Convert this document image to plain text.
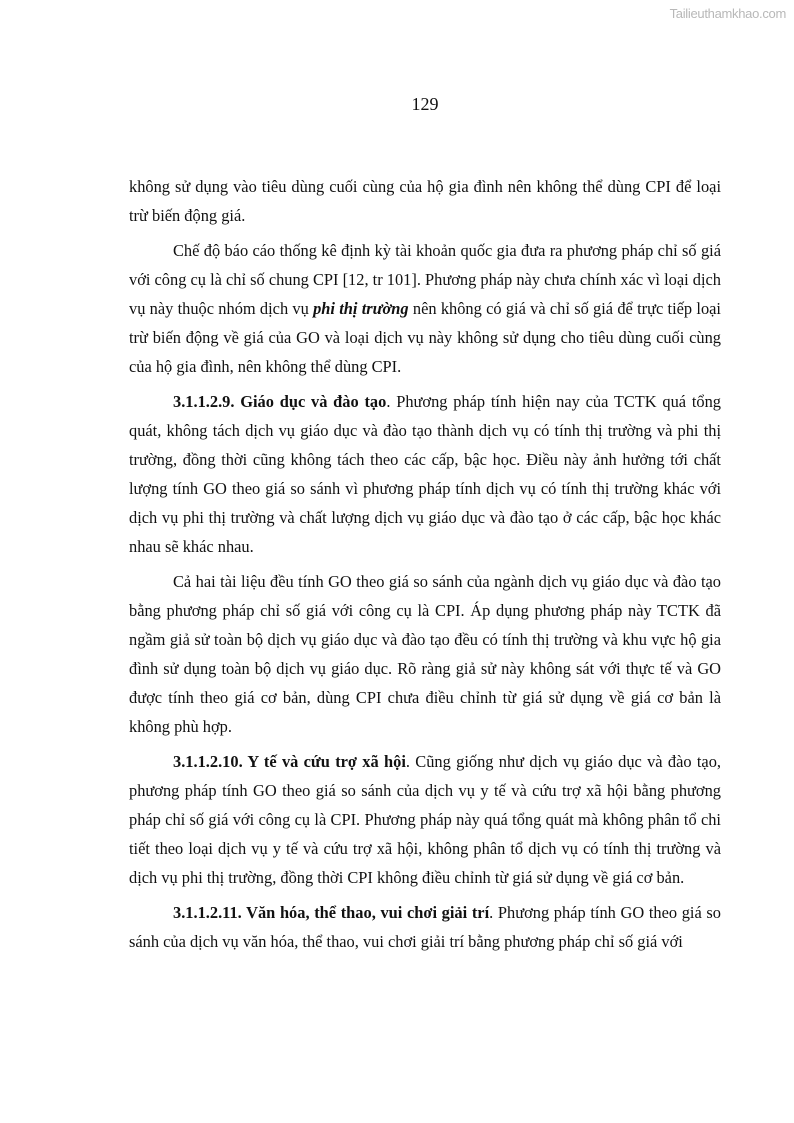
Tailieuthamkhao.com
129

không sử dụng vào tiêu dùng cuối cùng của hộ gia đình nên không thể dùng CPI để loại trừ biến động giá.

Chế độ báo cáo thống kê định kỳ tài khoản quốc gia đưa ra phương pháp chỉ số giá với công cụ là chỉ số chung CPI [12, tr 101]. Phương pháp này chưa chính xác vì loại dịch vụ này thuộc nhóm dịch vụ phi thị trường nên không có giá và chỉ số giá để trực tiếp loại trừ biến động về giá của GO và loại dịch vụ này không sử dụng cho tiêu dùng cuối cùng của hộ gia đình, nên không thể dùng CPI.

3.1.1.2.9. Giáo dục và đào tạo. Phương pháp tính hiện nay của TCTK quá tổng quát, không tách dịch vụ giáo dục và đào tạo thành dịch vụ có tính thị trường và phi thị trường, đồng thời cũng không tách theo các cấp, bậc học. Điều này ảnh hưởng tới chất lượng tính GO theo giá so sánh vì phương pháp tính dịch vụ có tính thị trường khác với dịch vụ phi thị trường và chất lượng dịch vụ giáo dục và đào tạo ở các cấp, bậc học khác nhau sẽ khác nhau.

Cả hai tài liệu đều tính GO theo giá so sánh của ngành dịch vụ giáo dục và đào tạo bằng phương pháp chỉ số giá với công cụ là CPI. Áp dụng phương pháp này TCTK đã ngầm giả sử toàn bộ dịch vụ giáo dục và đào tạo đều có tính thị trường và khu vực hộ gia đình sử dụng toàn bộ dịch vụ giáo dục. Rõ ràng giả sử này không sát với thực tế và GO được tính theo giá cơ bản, dùng CPI chưa điều chỉnh từ giá sử dụng về giá cơ bản là không phù hợp.

3.1.1.2.10. Y tế và cứu trợ xã hội. Cũng giống như dịch vụ giáo dục và đào tạo, phương pháp tính GO theo giá so sánh của dịch vụ y tế và cứu trợ xã hội bằng phương pháp chỉ số giá với công cụ là CPI. Phương pháp này quá tổng quát mà không phân tổ chi tiết theo loại dịch vụ y tế và cứu trợ xã hội, không phân tổ dịch vụ có tính thị trường và dịch vụ phi thị trường, đồng thời CPI không điều chỉnh từ giá sử dụng về giá cơ bản.

3.1.1.2.11. Văn hóa, thể thao, vui chơi giải trí. Phương pháp tính GO theo giá so sánh của dịch vụ văn hóa, thể thao, vui chơi giải trí bằng phương pháp chỉ số giá với
